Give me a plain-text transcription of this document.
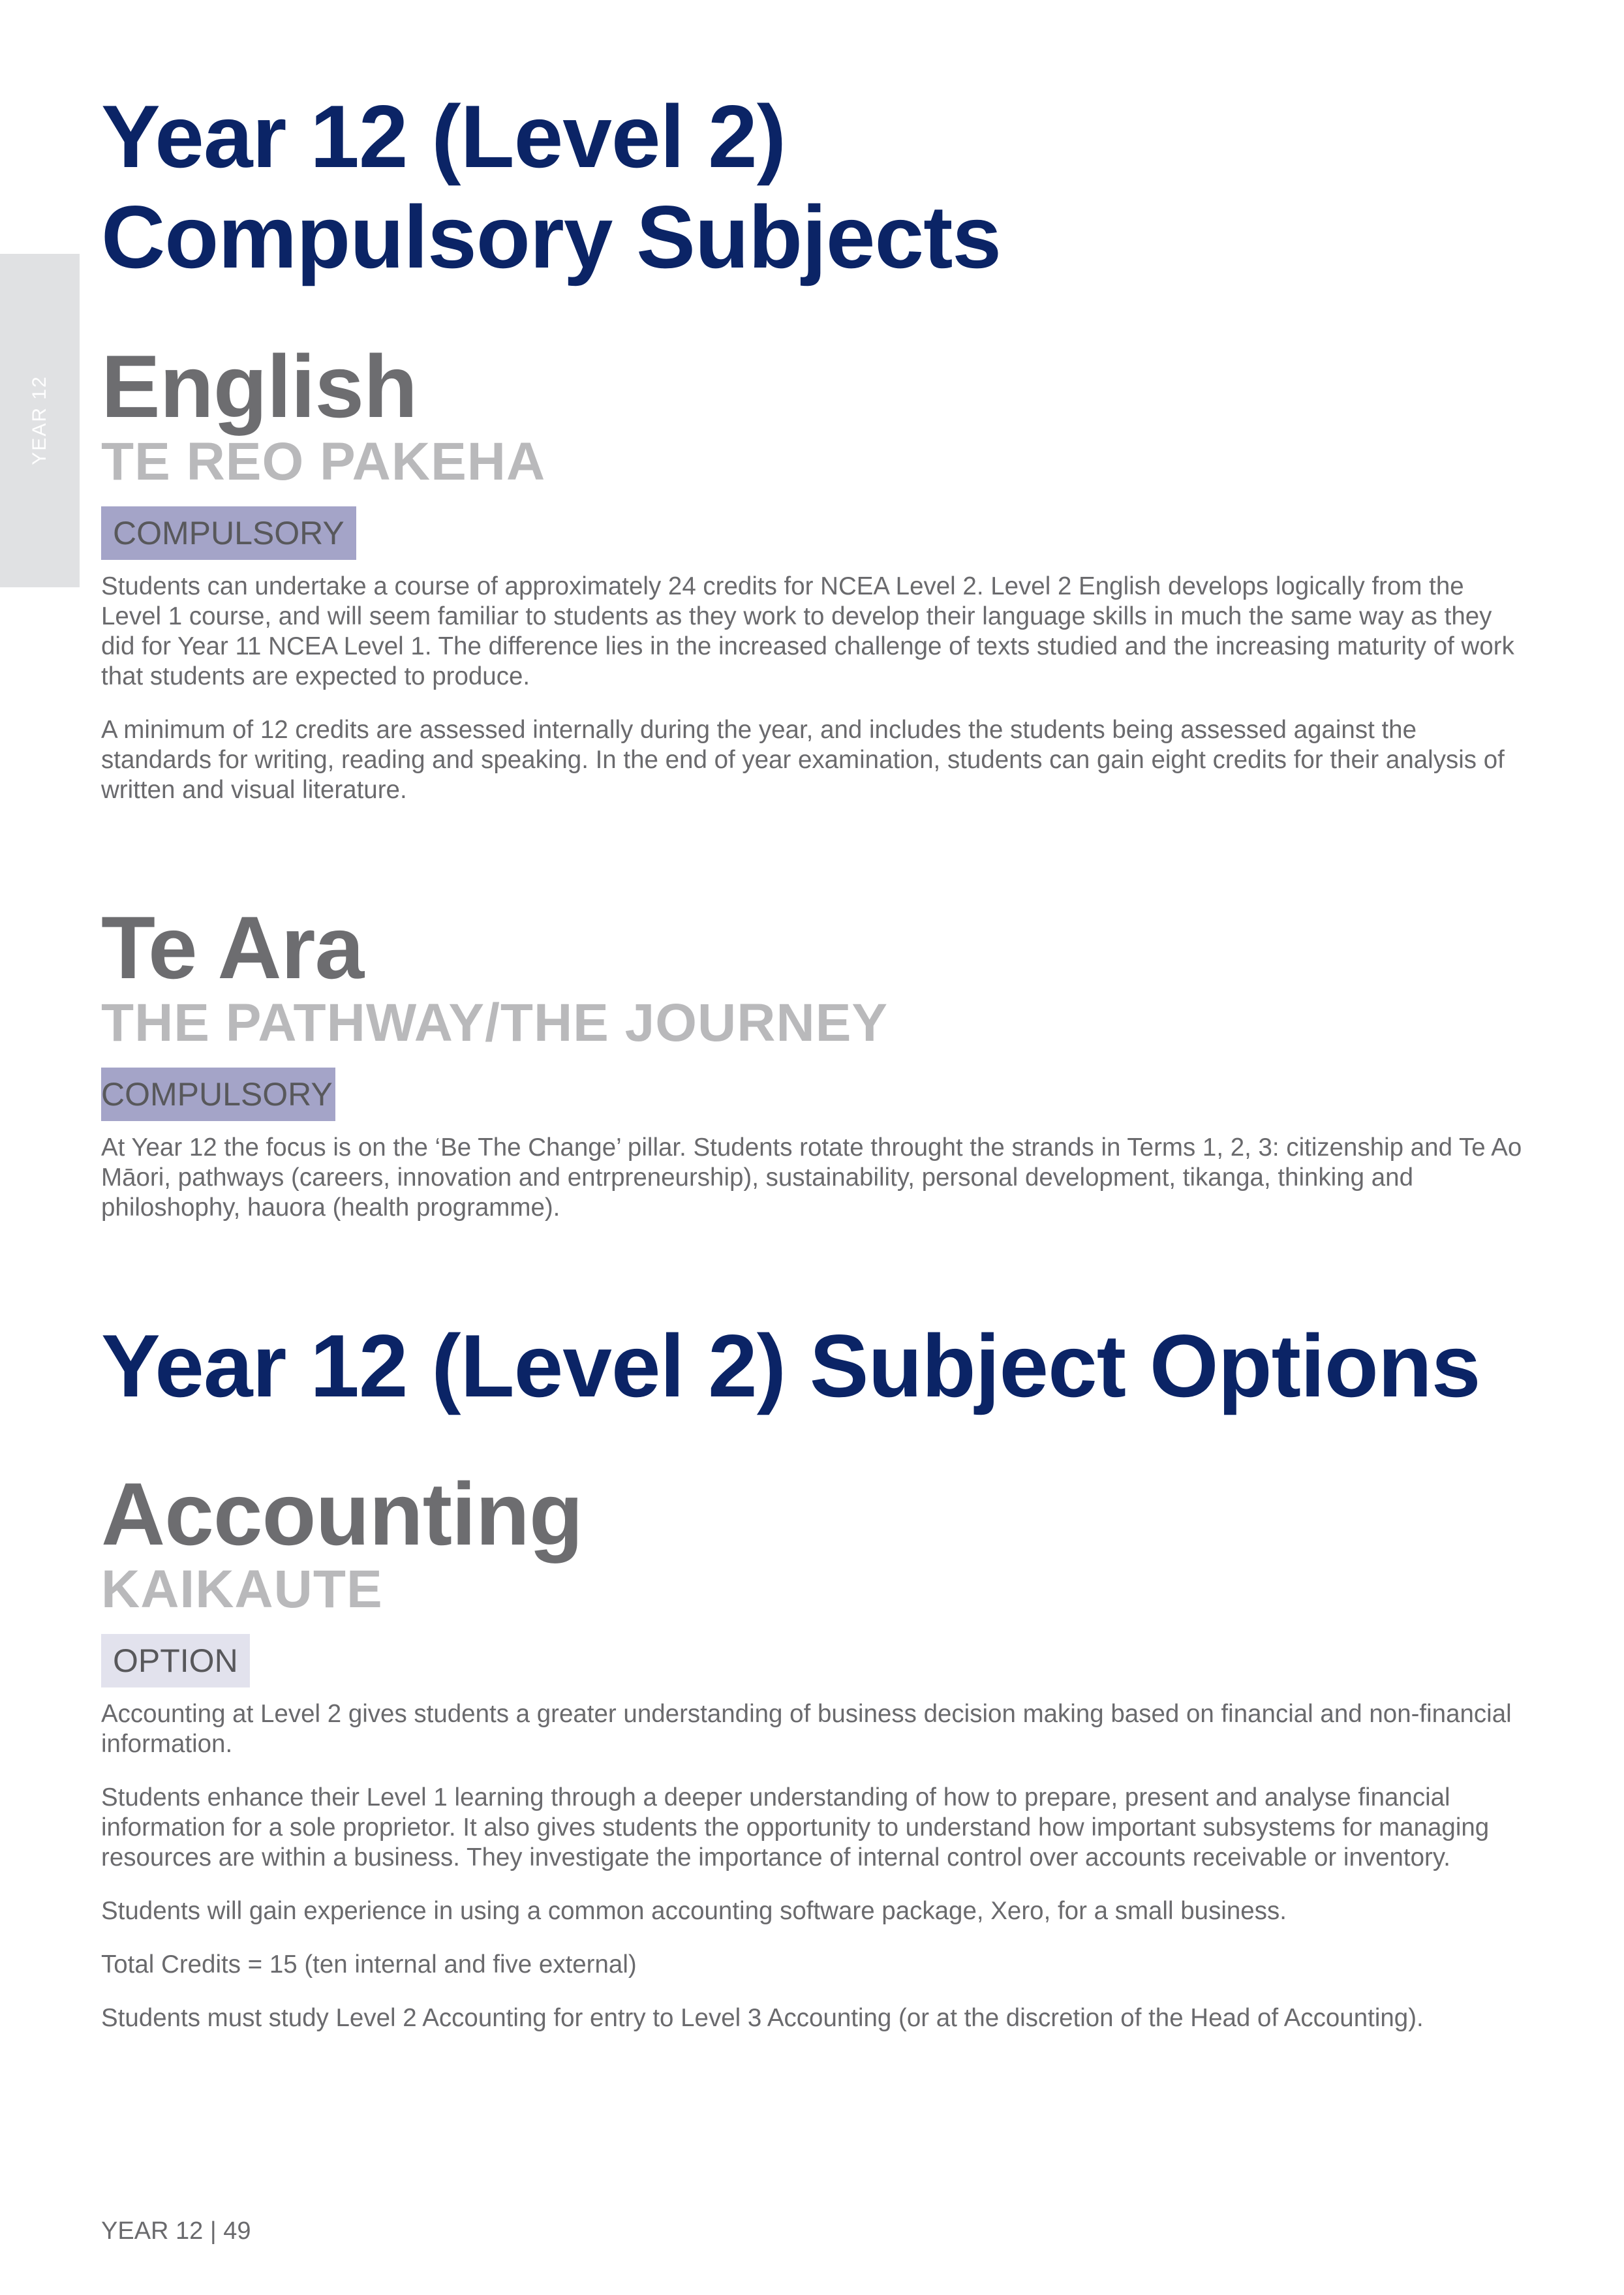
YEAR 12
Year 12 (Level 2)
Compulsory Subjects
English
TE REO PAKEHA
COMPULSORY

Students can undertake a course of approximately 24 credits for NCEA Level 2. Level 2 English develops logically from the Level 1 course, and will seem familiar to students as they work to develop their language skills in much the same way as they did for Year 11 NCEA Level 1. The difference lies in the increased challenge of texts studied and the increasing maturity of work that students are expected to produce.

A minimum of 12 credits are assessed internally during the year, and includes the students being assessed against the standards for writing, reading and speaking. In the end of year examination, students can gain eight credits for their analysis of written and visual literature.

Te Ara
THE PATHWAY/THE JOURNEY
COMPULSORY

At Year 12 the focus is on the ‘Be The Change’ pillar. Students rotate throught the strands in Terms 1, 2, 3: citizenship and Te Ao Māori, pathways (careers, innovation and entrpreneurship), sustainability, personal development, tikanga, thinking and philoshophy, hauora (health programme).

Year 12 (Level 2) Subject Options
Accounting
KAIKAUTE
OPTION

Accounting at Level 2 gives students a greater understanding of business decision making based on financial and non-financial information.

Students enhance their Level 1 learning through a deeper understanding of how to prepare, present and analyse financial information for a sole proprietor. It also gives students the opportunity to understand how important subsystems for managing resources are within a business. They investigate the importance of internal control over accounts receivable or inventory.

Students will gain experience in using a common accounting software package, Xero, for a small business.

Total Credits = 15 (ten internal and five external)

Students must study Level 2 Accounting for entry to Level 3 Accounting (or at the discretion of the Head of Accounting).

YEAR 12 | 49
